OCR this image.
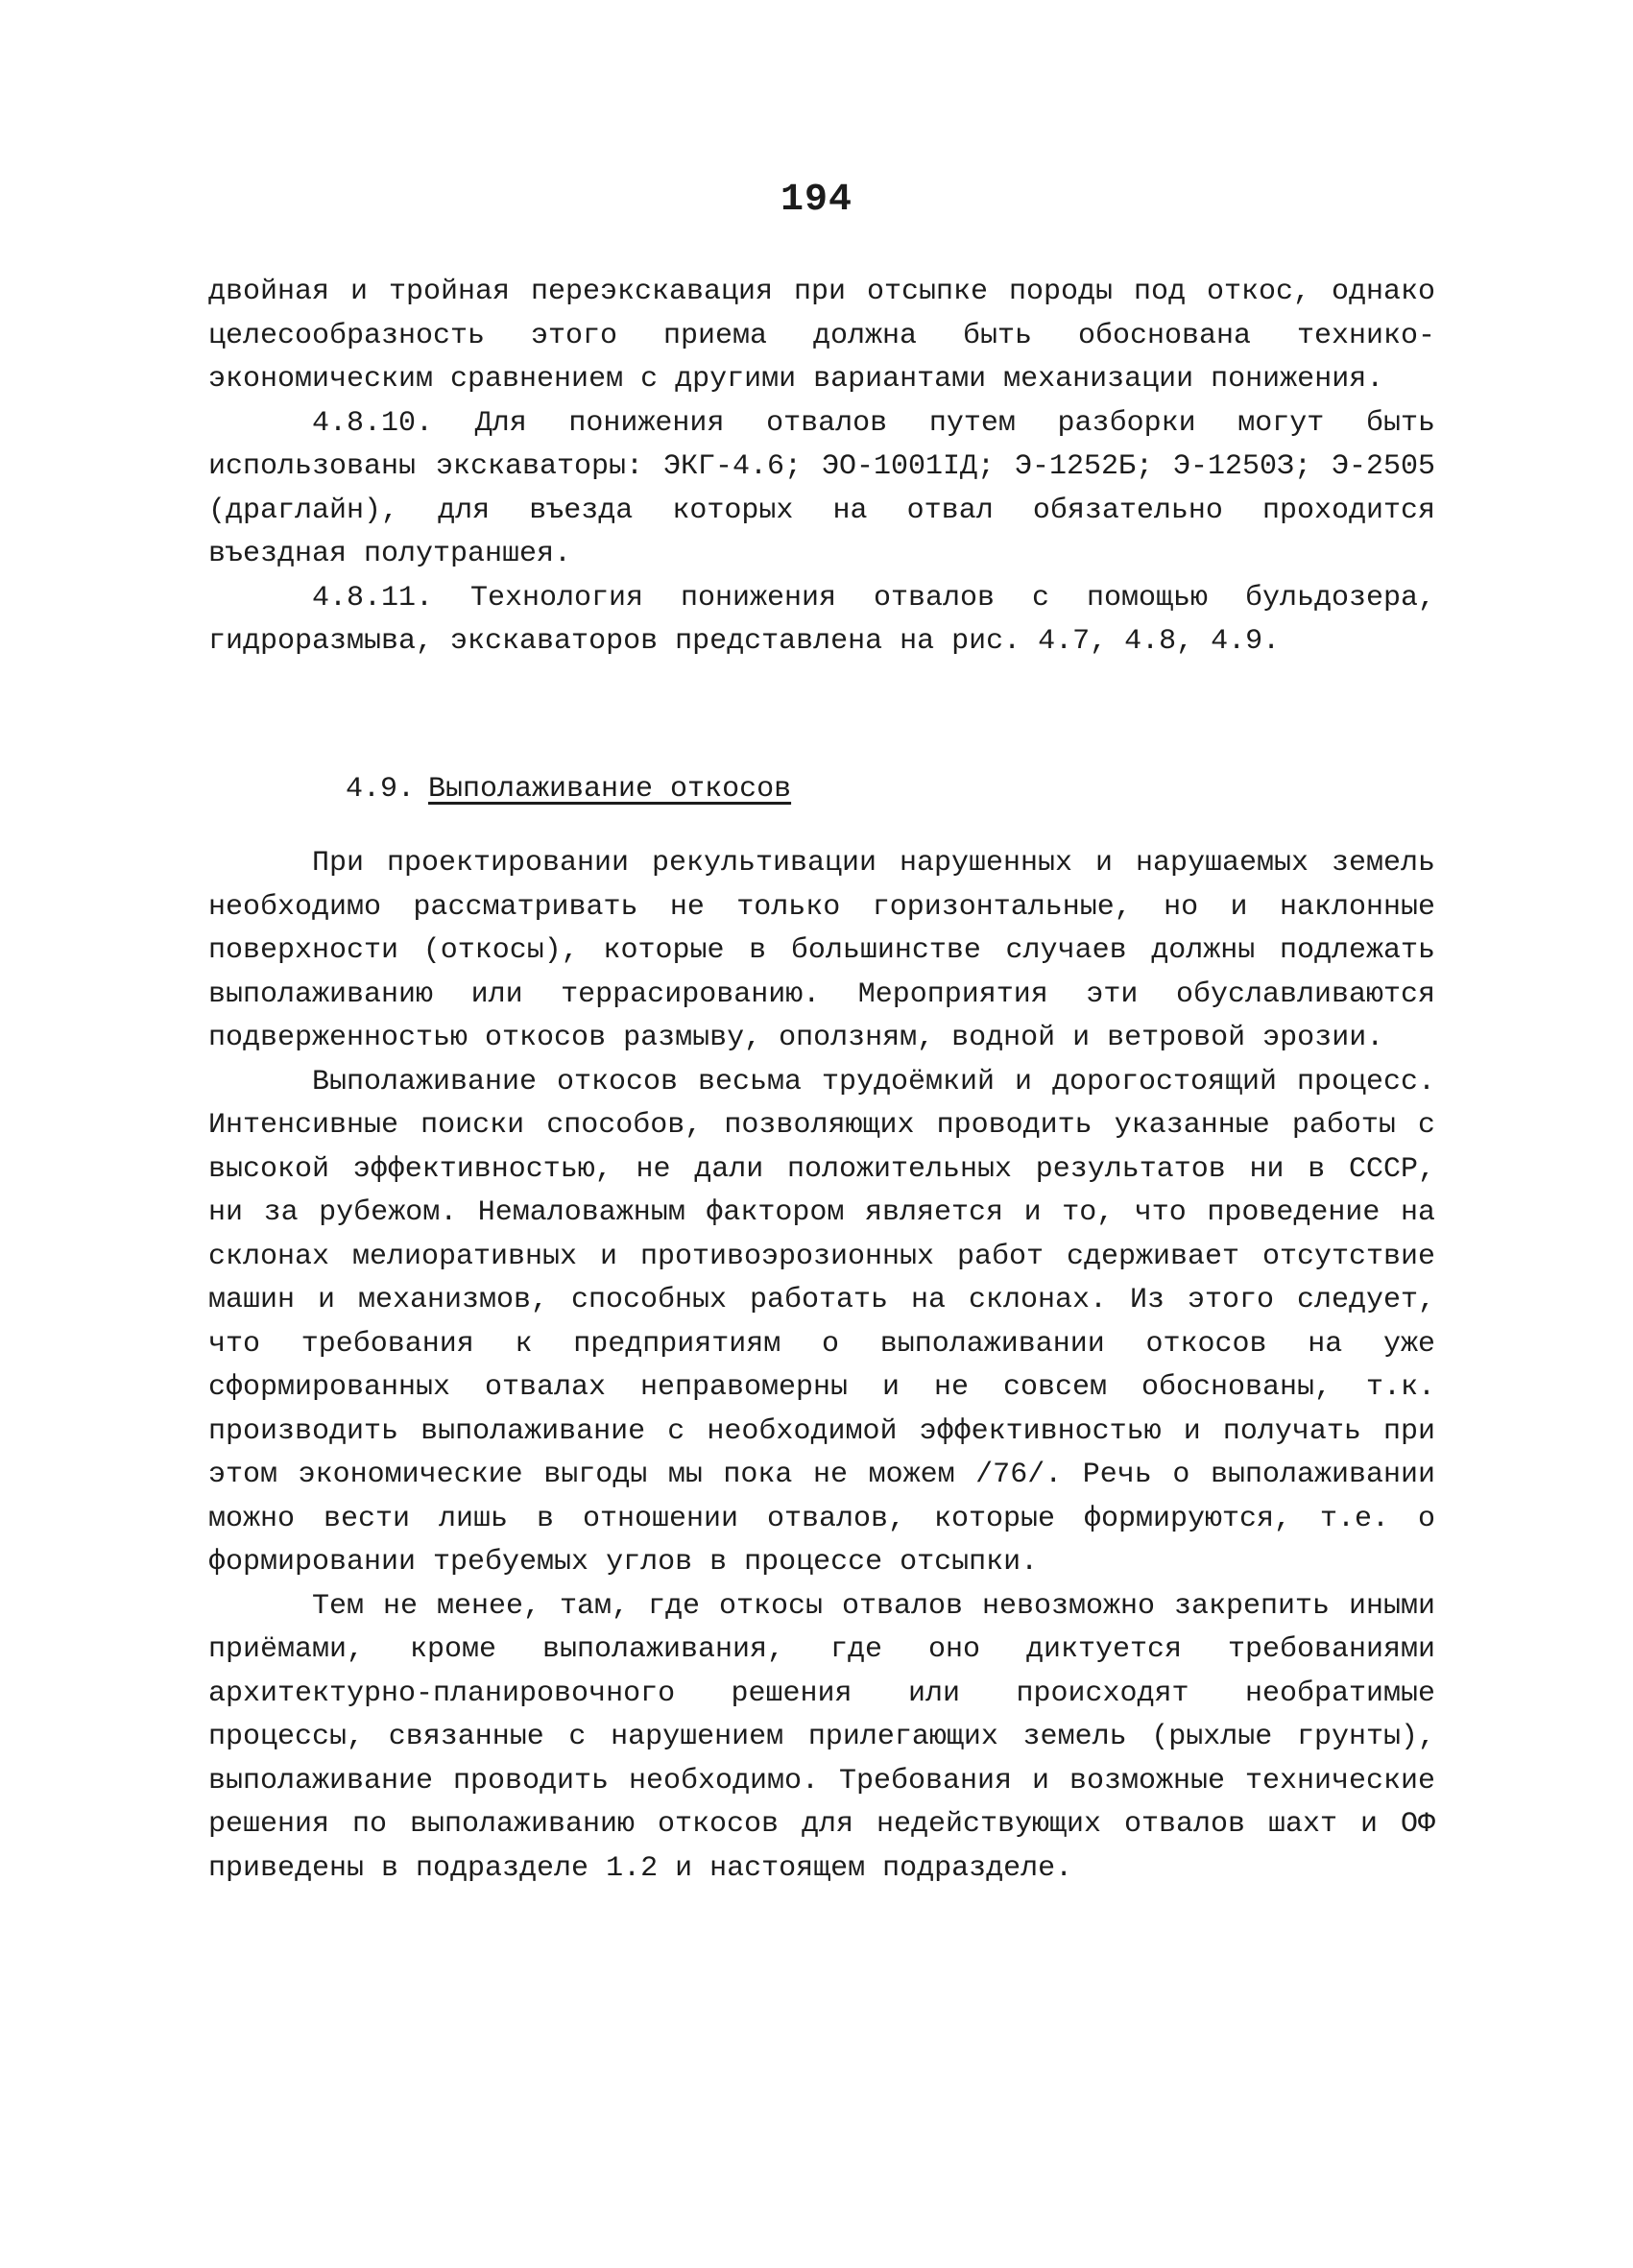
194

двойная и тройная переэкскавация при отсыпке породы под откос, однако целесообразность этого приема должна быть обоснована технико-экономическим сравнением с другими вариантами механизации понижения.

4.8.10. Для понижения отвалов путем разборки могут быть использованы экскаваторы: ЭКГ-4.6; ЭО-1001ІД; Э-1252Б; Э-1250З; Э-2505 (драглайн), для въезда которых на отвал обязательно проходится въездная полутраншея.

4.8.11. Технология понижения отвалов с помощью бульдозера, гидроразмыва, экскаваторов представлена на рис. 4.7, 4.8, 4.9.

4.9. Выполаживание откосов

При проектировании рекультивации нарушенных и нарушаемых земель необходимо рассматривать не только горизонтальные, но и наклонные поверхности (откосы), которые в большинстве случаев должны подлежать выполаживанию или террасированию. Мероприятия эти обуславливаются подверженностью откосов размыву, оползням, водной и ветровой эрозии.

Выполаживание откосов весьма трудоёмкий и дорогостоящий процесс. Интенсивные поиски способов, позволяющих проводить указанные работы с высокой эффективностью, не дали положительных результатов ни в СССР, ни за рубежом. Немаловажным фактором является и то, что проведение на склонах мелиоративных и противоэрозионных работ сдерживает отсутствие машин и механизмов, способных работать на склонах. Из этого следует, что требования к предприятиям о выполаживании откосов на уже сформированных отвалах неправомерны и не совсем обоснованы, т.к. производить выполаживание с необходимой эффективностью и получать при этом экономические выгоды мы пока не можем /76/. Речь о выполаживании можно вести лишь в отношении отвалов, которые формируются, т.е. о формировании требуемых углов в процессе отсыпки.

Тем не менее, там, где откосы отвалов невозможно закрепить иными приёмами, кроме выполаживания, где оно диктуется требованиями архитектурно-планировочного решения или происходят необратимые процессы, связанные с нарушением прилегающих земель (рыхлые грунты), выполаживание проводить необходимо. Требования и возможные технические решения по выполаживанию откосов для недействующих отвалов шахт и ОФ приведены в подразделе 1.2 и настоящем подразделе.
